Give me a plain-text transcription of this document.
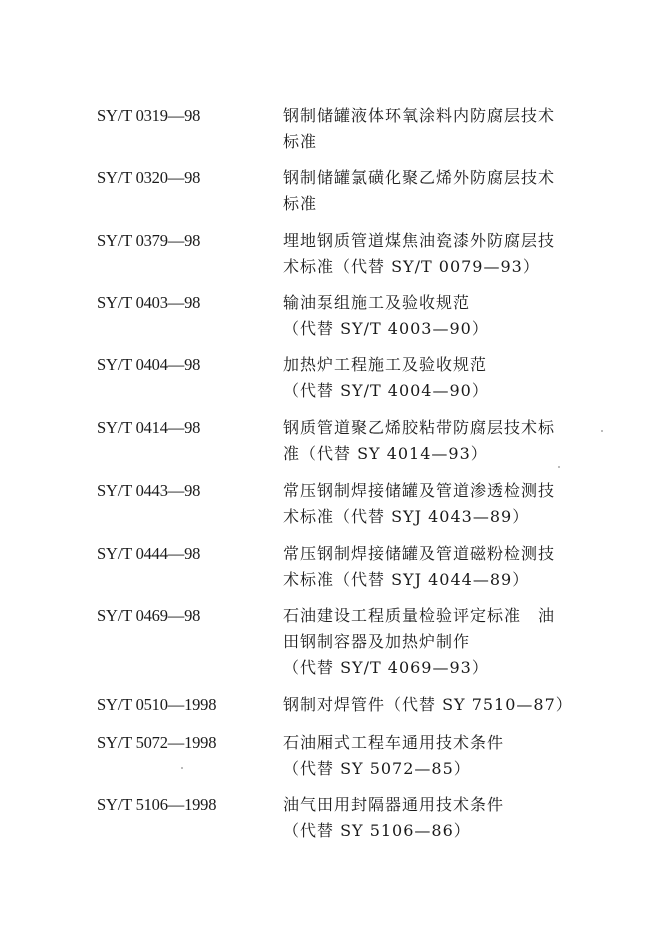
SY/T 0319—98	钢制储罐液体环氧涂料内防腐层技术
标准
SY/T 0320—98	钢制储罐氯磺化聚乙烯外防腐层技术
标准
SY/T 0379—98	埋地钢质管道煤焦油瓷漆外防腐层技
术标准（代替 SY/T 0079—93）
SY/T 0403—98	输油泵组施工及验收规范
（代替 SY/T 4003—90）
SY/T 0404—98	加热炉工程施工及验收规范
（代替 SY/T 4004—90）
SY/T 0414—98	钢质管道聚乙烯胶粘带防腐层技术标
准（代替 SY 4014—93）
SY/T 0443—98	常压钢制焊接储罐及管道渗透检测技
术标准（代替 SYJ 4043—89）
SY/T 0444—98	常压钢制焊接储罐及管道磁粉检测技
术标准（代替 SYJ 4044—89）
SY/T 0469—98	石油建设工程质量检验评定标准　油
田钢制容器及加热炉制作
（代替 SY/T 4069—93）
SY/T 0510—1998	钢制对焊管件（代替 SY 7510—87）
SY/T 5072—1998	石油厢式工程车通用技术条件
（代替 SY 5072—85）
SY/T 5106—1998	油气田用封隔器通用技术条件
（代替 SY 5106—86）
